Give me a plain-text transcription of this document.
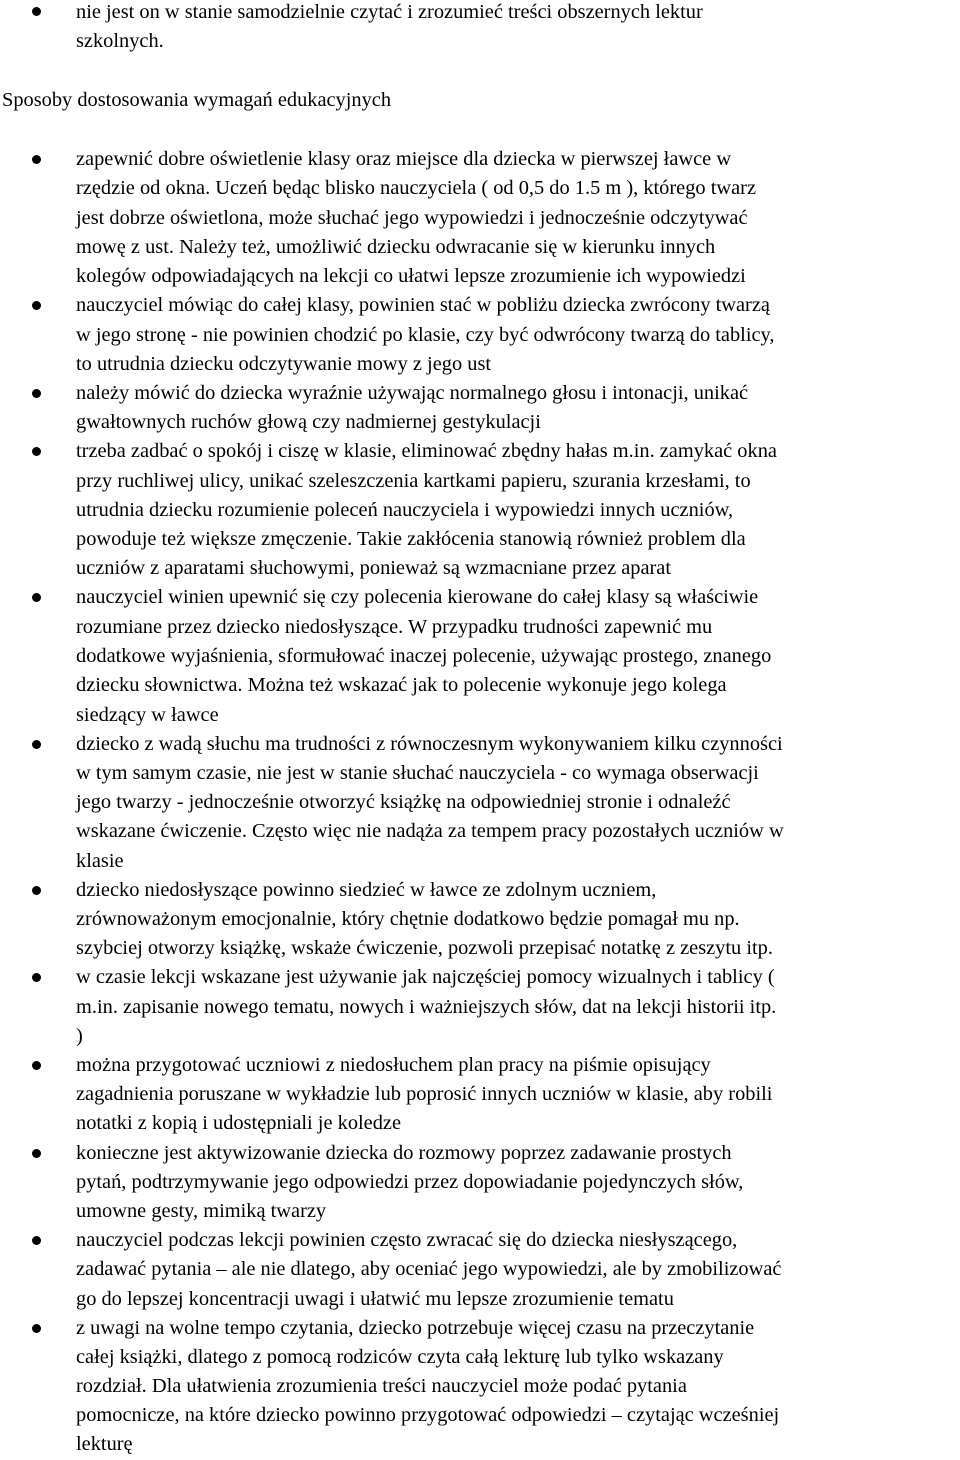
nie jest on w stanie samodzielnie czytać i zrozumieć treści obszernych lektur
szkolnych.
Sposoby dostosowania wymagań edukacyjnych
zapewnić dobre oświetlenie klasy oraz miejsce dla dziecka w pierwszej ławce w
rzędzie od okna. Uczeń będąc blisko nauczyciela ( od 0,5 do 1.5 m ), którego twarz
jest dobrze oświetlona, może słuchać jego wypowiedzi i jednocześnie odczytywać
mowę z ust. Należy też, umożliwić dziecku odwracanie się w kierunku innych
kolegów odpowiadających na lekcji co ułatwi lepsze zrozumienie ich wypowiedzi
nauczyciel mówiąc do całej klasy, powinien stać w pobliżu dziecka zwrócony twarzą
w jego stronę - nie powinien chodzić po klasie, czy być odwrócony twarzą do tablicy,
to utrudnia dziecku odczytywanie mowy z jego ust
należy mówić do dziecka wyraźnie używając normalnego głosu i intonacji, unikać
gwałtownych ruchów głową czy nadmiernej gestykulacji
trzeba zadbać o spokój i ciszę w klasie, eliminować zbędny hałas m.in. zamykać okna
przy ruchliwej ulicy, unikać szeleszczenia kartkami papieru, szurania krzesłami, to
utrudnia dziecku rozumienie poleceń nauczyciela i wypowiedzi innych uczniów,
powoduje też większe zmęczenie. Takie zakłócenia stanowią również problem dla
uczniów z aparatami słuchowymi, ponieważ są wzmacniane przez aparat
nauczyciel winien upewnić się czy polecenia kierowane do całej klasy są właściwie
rozumiane przez dziecko niedosłyszące. W przypadku trudności zapewnić mu
dodatkowe wyjaśnienia, sformułować inaczej polecenie, używając prostego, znanego
dziecku słownictwa. Można też wskazać jak to polecenie wykonuje jego kolega
siedzący w ławce
dziecko z wadą słuchu ma trudności z równoczesnym wykonywaniem kilku czynności
w tym samym czasie, nie jest w stanie słuchać nauczyciela - co wymaga obserwacji
jego twarzy - jednocześnie otworzyć książkę na odpowiedniej stronie i odnaleźć
wskazane ćwiczenie. Często więc nie nadąża za tempem pracy pozostałych uczniów w
klasie
dziecko niedosłyszące powinno siedzieć w ławce ze zdolnym uczniem,
zrównoważonym emocjonalnie, który chętnie dodatkowo będzie pomagał mu np.
szybciej otworzy książkę, wskaże ćwiczenie, pozwoli przepisać notatkę z zeszytu itp.
w czasie lekcji wskazane jest używanie jak najczęściej pomocy wizualnych i tablicy (
m.in. zapisanie nowego tematu, nowych i ważniejszych słów, dat na lekcji historii itp.
)
można przygotować uczniowi z niedosłuchem plan pracy na piśmie opisujący
zagadnienia poruszane w wykładzie lub poprosić innych uczniów w klasie, aby robili
notatki z kopią i udostępniali je koledze
konieczne jest aktywizowanie dziecka do rozmowy poprzez zadawanie prostych
pytań, podtrzymywanie jego odpowiedzi przez dopowiadanie pojedynczych słów,
umowne gesty, mimiką twarzy
nauczyciel podczas lekcji powinien często zwracać się do dziecka niesłyszącego,
zadawać pytania – ale nie dlatego, aby oceniać jego wypowiedzi, ale by zmobilizować
go do lepszej koncentracji uwagi i ułatwić mu lepsze zrozumienie tematu
z uwagi na wolne tempo czytania, dziecko potrzebuje więcej czasu na przeczytanie
całej książki, dlatego z pomocą rodziców czyta całą lekturę lub tylko wskazany
rozdział. Dla ułatwienia zrozumienia treści nauczyciel może podać pytania
pomocnicze, na które dziecko powinno przygotować odpowiedzi – czytając wcześniej
lekturę
